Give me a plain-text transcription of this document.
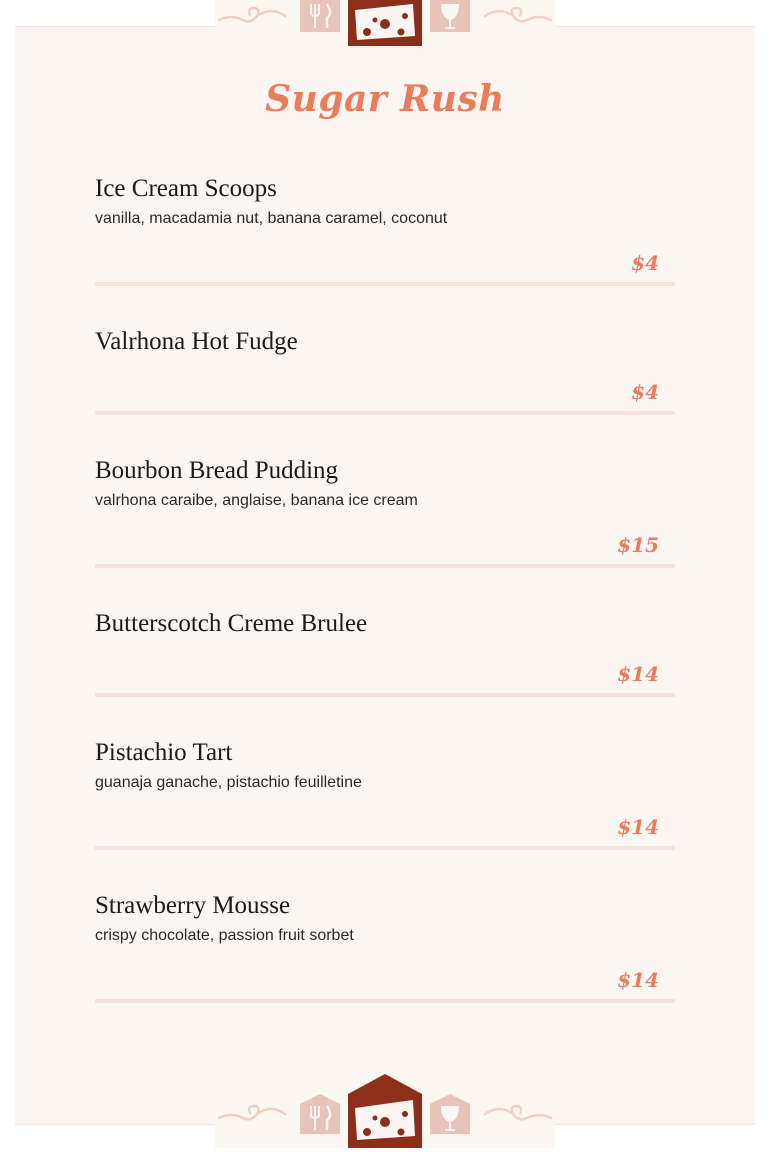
Sugar Rush
Ice Cream Scoops
vanilla, macadamia nut, banana caramel, coconut
$4
Valrhona Hot Fudge
$4
Bourbon Bread Pudding
valrhona caraibe, anglaise, banana ice cream
$15
Butterscotch Creme Brulee
$14
Pistachio Tart
guanaja ganache, pistachio feuilletine
$14
Strawberry Mousse
crispy chocolate, passion fruit sorbet
$14
